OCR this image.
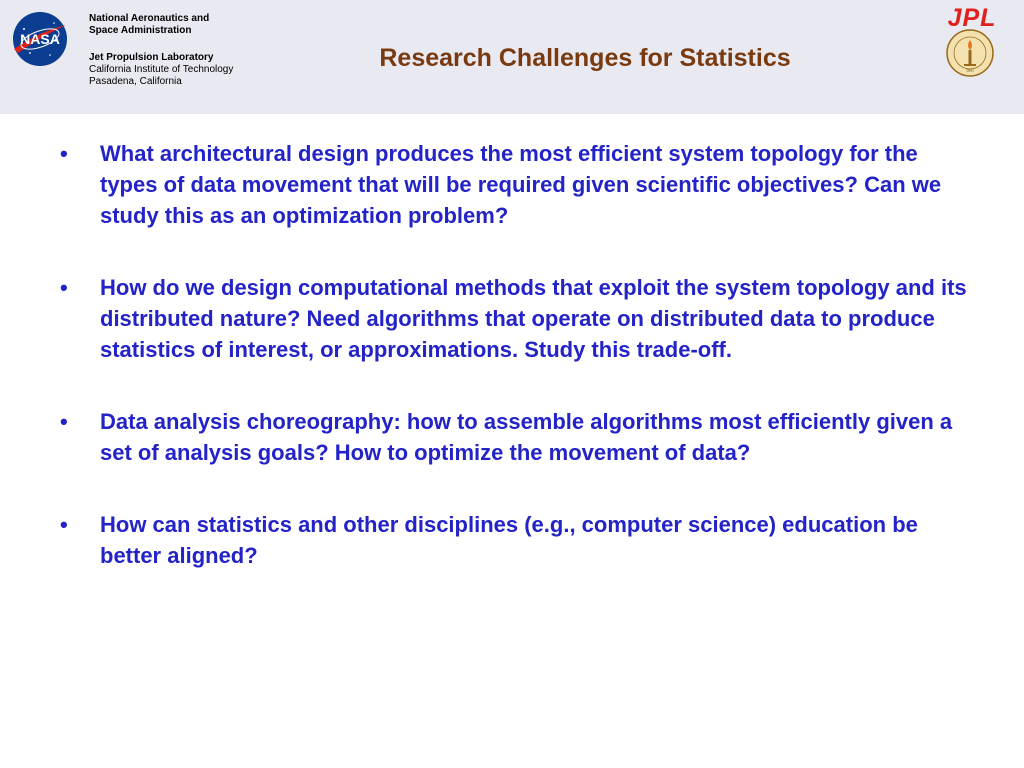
NASA
National Aeronautics and
Space Administration
Jet Propulsion Laboratory
California Institute of Technology
Pasadena, California
Research Challenges for Statistics
JPL
1891
• What architectural design produces the most efficient system topology for the types of data movement that will be required given scientific objectives? Can we study this as an optimization problem?
• How do we design computational methods that exploit the system topology and its distributed nature? Need algorithms that operate on distributed data to produce statistics of interest, or approximations. Study this trade-off.
• Data analysis choreography: how to assemble algorithms most efficiently given a set of analysis goals? How to optimize the movement of data?
• How can statistics and other disciplines (e.g., computer science) education be better aligned?
